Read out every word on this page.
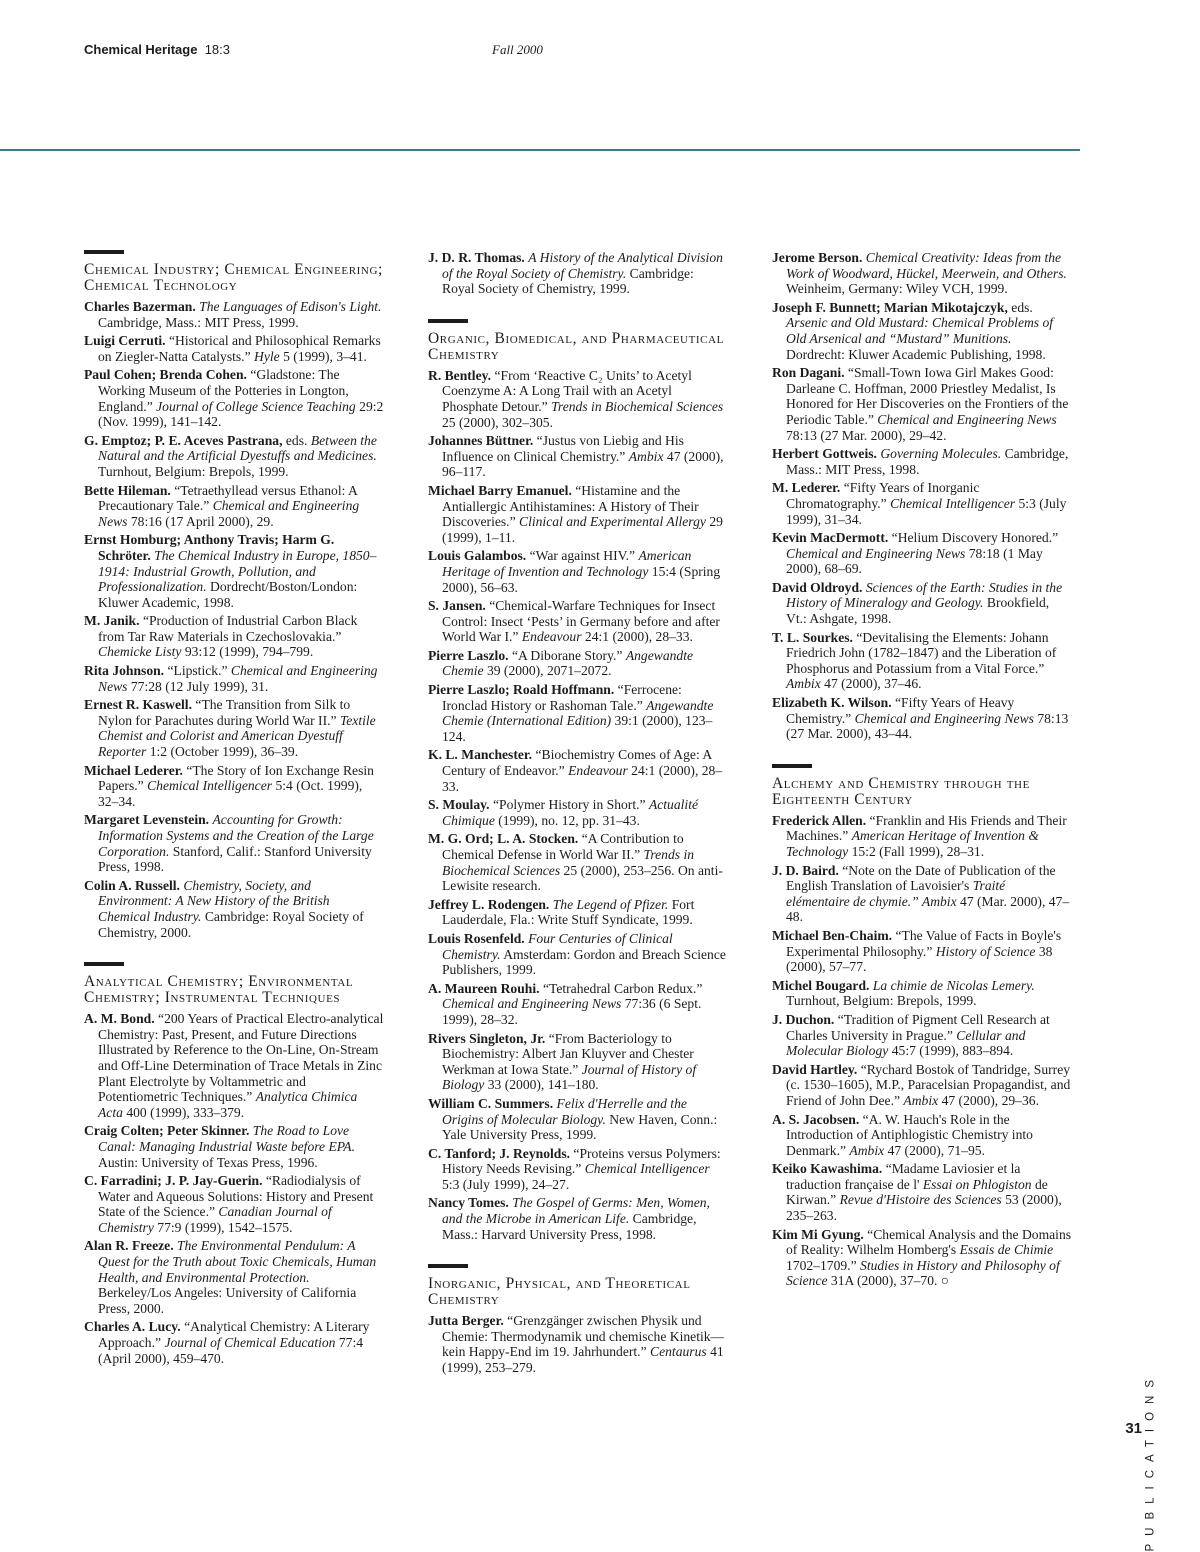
Chemical Heritage 18:3	Fall 2000
Chemical Industry; Chemical Engineering; Chemical Technology

Charles Bazerman. The Languages of Edison's Light. Cambridge, Mass.: MIT Press, 1999.

Luigi Cerruti. “Historical and Philosophical Remarks on Ziegler-Natta Catalysts.” Hyle 5 (1999), 3–41.

Paul Cohen; Brenda Cohen. “Gladstone: The Working Museum of the Potteries in Longton, England.” Journal of College Science Teaching 29:2 (Nov. 1999), 141–142.

G. Emptoz; P. E. Aceves Pastrana, eds. Between the Natural and the Artificial Dyestuffs and Medicines. Turnhout, Belgium: Brepols, 1999.

Bette Hileman. “Tetraethyllead versus Ethanol: A Precautionary Tale.” Chemical and Engineering News 78:16 (17 April 2000), 29.

Ernst Homburg; Anthony Travis; Harm G. Schröter. The Chemical Industry in Europe, 1850–1914: Industrial Growth, Pollution, and Professionalization. Dordrecht/Boston/London: Kluwer Academic, 1998.

M. Janik. “Production of Industrial Carbon Black from Tar Raw Materials in Czechoslovakia.” Chemicke Listy 93:12 (1999), 794–799.

Rita Johnson. “Lipstick.” Chemical and Engineering News 77:28 (12 July 1999), 31.

Ernest R. Kaswell. “The Transition from Silk to Nylon for Parachutes during World War II.” Textile Chemist and Colorist and American Dyestuff Reporter 1:2 (October 1999), 36–39.

Michael Lederer. “The Story of Ion Exchange Resin Papers.” Chemical Intelligencer 5:4 (Oct. 1999), 32–34.

Margaret Levenstein. Accounting for Growth: Information Systems and the Creation of the Large Corporation. Stanford, Calif.: Stanford University Press, 1998.

Colin A. Russell. Chemistry, Society, and Environment: A New History of the British Chemical Industry. Cambridge: Royal Society of Chemistry, 2000.

Analytical Chemistry; Environmental Chemistry; Instrumental Techniques

A. M. Bond. “200 Years of Practical Electro-analytical Chemistry: Past, Present, and Future Directions Illustrated by Reference to the On-Line, On-Stream and Off-Line Determination of Trace Metals in Zinc Plant Electrolyte by Voltammetric and Potentiometric Techniques.” Analytica Chimica Acta 400 (1999), 333–379.

Craig Colten; Peter Skinner. The Road to Love Canal: Managing Industrial Waste before EPA. Austin: University of Texas Press, 1996.

C. Farradini; J. P. Jay-Guerin. “Radiodialysis of Water and Aqueous Solutions: History and Present State of the Science.” Canadian Journal of Chemistry 77:9 (1999), 1542–1575.

Alan R. Freeze. The Environmental Pendulum: A Quest for the Truth about Toxic Chemicals, Human Health, and Environmental Protection. Berkeley/Los Angeles: University of California Press, 2000.

Charles A. Lucy. “Analytical Chemistry: A Literary Approach.” Journal of Chemical Education 77:4 (April 2000), 459–470.

J. D. R. Thomas. A History of the Analytical Division of the Royal Society of Chemistry. Cambridge: Royal Society of Chemistry, 1999.

Organic, Biomedical, and Pharmaceutical Chemistry

R. Bentley. “From ‘Reactive C₂ Units’ to Acetyl Coenzyme A: A Long Trail with an Acetyl Phosphate Detour.” Trends in Biochemical Sciences 25 (2000), 302–305.

Johannes Büttner. “Justus von Liebig and His Influence on Clinical Chemistry.” Ambix 47 (2000), 96–117.

Michael Barry Emanuel. “Histamine and the Antiallergic Antihistamines: A History of Their Discoveries.” Clinical and Experimental Allergy 29 (1999), 1–11.

Louis Galambos. “War against HIV.” American Heritage of Invention and Technology 15:4 (Spring 2000), 56–63.

S. Jansen. “Chemical-Warfare Techniques for Insect Control: Insect ‘Pests’ in Germany before and after World War I.” Endeavour 24:1 (2000), 28–33.

Pierre Laszlo. “A Diborane Story.” Angewandte Chemie 39 (2000), 2071–2072.

Pierre Laszlo; Roald Hoffmann. “Ferrocene: Ironclad History or Rashoman Tale.” Angewandte Chemie (International Edition) 39:1 (2000), 123–124.

K. L. Manchester. “Biochemistry Comes of Age: A Century of Endeavor.” Endeavour 24:1 (2000), 28–33.

S. Moulay. “Polymer History in Short.” Actualité Chimique (1999), no. 12, pp. 31–43.

M. G. Ord; L. A. Stocken. “A Contribution to Chemical Defense in World War II.” Trends in Biochemical Sciences 25 (2000), 253–256. On anti-Lewisite research.

Jeffrey L. Rodengen. The Legend of Pfizer. Fort Lauderdale, Fla.: Write Stuff Syndicate, 1999.

Louis Rosenfeld. Four Centuries of Clinical Chemistry. Amsterdam: Gordon and Breach Science Publishers, 1999.

A. Maureen Rouhi. “Tetrahedral Carbon Redux.” Chemical and Engineering News 77:36 (6 Sept. 1999), 28–32.

Rivers Singleton, Jr. “From Bacteriology to Biochemistry: Albert Jan Kluyver and Chester Werkman at Iowa State.” Journal of History of Biology 33 (2000), 141–180.

William C. Summers. Felix d'Herrelle and the Origins of Molecular Biology. New Haven, Conn.: Yale University Press, 1999.

C. Tanford; J. Reynolds. “Proteins versus Polymers: History Needs Revising.” Chemical Intelligencer 5:3 (July 1999), 24–27.

Nancy Tomes. The Gospel of Germs: Men, Women, and the Microbe in American Life. Cambridge, Mass.: Harvard University Press, 1998.

Inorganic, Physical, and Theoretical Chemistry

Jutta Berger. “Grenzgänger zwischen Physik und Chemie: Thermodynamik und chemische Kinetik—kein Happy-End im 19. Jahrhundert.” Centaurus 41 (1999), 253–279.

Jerome Berson. Chemical Creativity: Ideas from the Work of Woodward, Hückel, Meerwein, and Others. Weinheim, Germany: Wiley VCH, 1999.

Joseph F. Bunnett; Marian Mikotajczyk, eds. Arsenic and Old Mustard: Chemical Problems of Old Arsenical and “Mustard” Munitions. Dordrecht: Kluwer Academic Publishing, 1998.

Ron Dagani. “Small-Town Iowa Girl Makes Good: Darleane C. Hoffman, 2000 Priestley Medalist, Is Honored for Her Discoveries on the Frontiers of the Periodic Table.” Chemical and Engineering News 78:13 (27 Mar. 2000), 29–42.

Herbert Gottweis. Governing Molecules. Cambridge, Mass.: MIT Press, 1998.

M. Lederer. “Fifty Years of Inorganic Chromatography.” Chemical Intelligencer 5:3 (July 1999), 31–34.

Kevin MacDermott. “Helium Discovery Honored.” Chemical and Engineering News 78:18 (1 May 2000), 68–69.

David Oldroyd. Sciences of the Earth: Studies in the History of Mineralogy and Geology. Brookfield, Vt.: Ashgate, 1998.

T. L. Sourkes. “Devitalising the Elements: Johann Friedrich John (1782–1847) and the Liberation of Phosphorus and Potassium from a Vital Force.” Ambix 47 (2000), 37–46.

Elizabeth K. Wilson. “Fifty Years of Heavy Chemistry.” Chemical and Engineering News 78:13 (27 Mar. 2000), 43–44.

Alchemy and Chemistry through the Eighteenth Century

Frederick Allen. “Franklin and His Friends and Their Machines.” American Heritage of Invention & Technology 15:2 (Fall 1999), 28–31.

J. D. Baird. “Note on the Date of Publication of the English Translation of Lavoisier's Traité elémentaire de chymie.” Ambix 47 (Mar. 2000), 47–48.

Michael Ben-Chaim. “The Value of Facts in Boyle's Experimental Philosophy.” History of Science 38 (2000), 57–77.

Michel Bougard. La chimie de Nicolas Lemery. Turnhout, Belgium: Brepols, 1999.

J. Duchon. “Tradition of Pigment Cell Research at Charles University in Prague.” Cellular and Molecular Biology 45:7 (1999), 883–894.

David Hartley. “Rychard Bostok of Tandridge, Surrey (c. 1530–1605), M.P., Paracelsian Propagandist, and Friend of John Dee.” Ambix 47 (2000), 29–36.

A. S. Jacobsen. “A. W. Hauch's Role in the Introduction of Antiphlogistic Chemistry into Denmark.” Ambix 47 (2000), 71–95.

Keiko Kawashima. “Madame Laviosier et la traduction française de l' Essai on Phlogiston de Kirwan.” Revue d'Histoire des Sciences 53 (2000), 235–263.

Kim Mi Gyung. “Chemical Analysis and the Domains of Reality: Wilhelm Homberg's Essais de Chimie 1702–1709.” Studies in History and Philosophy of Science 31A (2000), 37–70. ○

PUBLICATIONS
31
